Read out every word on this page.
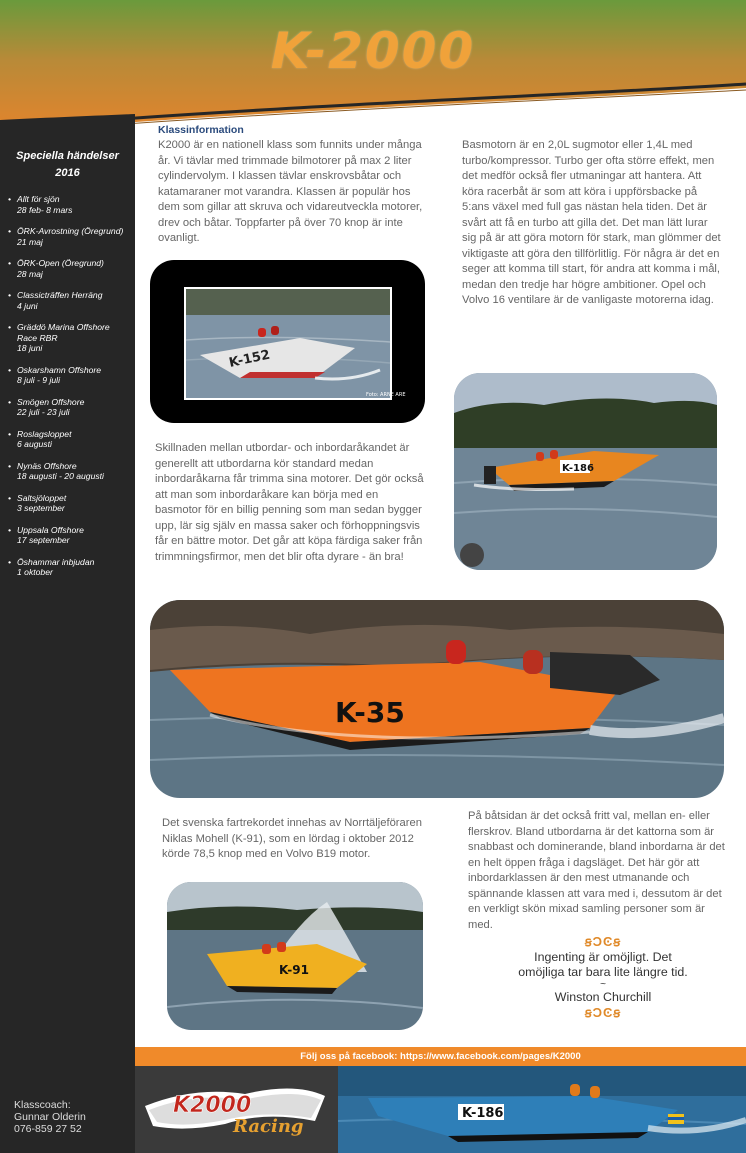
K-2000
Speciella händelser
2016
• Allt för sjön
28 feb- 8 mars
• ÖRK-Avrostning (Öregrund)
21 maj
• ÖRK-Open (Öregrund)
28 maj
• Classicträffen Herräng
4 juni
• Gräddö Marina Offshore Race RBR
18 juni
• Oskarshamn Offshore
8 juli - 9 juli
• Smögen Offshore
22 juli - 23 juli
• Roslagsloppet
6 augusti
• Nynäs Offshore
18 augusti - 20 augusti
• Saltsjöloppet
3 september
• Uppsala Offshore
17 september
• Öshammar inbjudan
1 oktober
Klasscoach:
Gunnar Olderin
076-859 27 52
Klassinformation
K2000 är en nationell klass som funnits under många år. Vi tävlar med trimmade bilmotorer på max 2 liter cylindervolym. I klassen tävlar enskrovsbåtar och katamaraner mot varandra. Klassen är populär hos dem som gillar att skruva och vidareutveckla motorer, drev och båtar. Toppfarter på över 70 knop är inte ovanligt.
Basmotorn är en 2,0L sugmotor eller 1,4L med turbo/kompressor. Turbo ger ofta större effekt, men det medför också fler utmaningar att hantera. Att köra racerbåt är som att köra i uppförsbacke på 5:ans växel med full gas nästan hela tiden. Det är svårt att få en turbo att gilla det. Det man lätt lurar sig på är att göra motorn för stark, man glömmer det viktigaste att göra den tillförlitlig. För några är det en seger att komma till start, för andra att komma i mål, medan den tredje har högre ambitioner. Opel och Volvo 16 ventilare är de vanligaste motorerna idag.
Skillnaden mellan utbordar- och inbordaråkandet är generellt att utbordarna kör standard medan inbordaråkarna får trimma sina motorer. Det gör också att man som inbordaråkare kan börja med en basmotor för en billig penning som man sedan bygger upp, lär sig själv en massa saker och förhoppningsvis får en bättre motor. Det går att köpa färdiga saker från trimmningsfirmor, men det blir ofta dyrare - än bra!
Det svenska fartrekordet innehas av Norrtäljeföraren Niklas Mohell (K-91), som en lördag i oktober 2012 körde 78,5 knop med en Volvo B19 motor.
På båtsidan är det också fritt val, mellan en- eller flerskrov. Bland utbordarna är det kattorna som är snabbast och dominerande, bland inbordarna är det en helt öppen fråga i dagsläget. Det här gör att inbordarklassen är den mest utmanande och spännande klassen att vara med i, dessutom är det en verkligt skön mixad samling personer som är med.
K-152
Foto: ARNE ARE
K-186
K-35
K-91
ꞩϽϾꞩ
Ingenting är omöjligt. Det
omöjliga tar bara lite längre tid.
~
Winston Churchill
ꞩϽϾꞩ
Följ oss på facebook: https://www.facebook.com/pages/K2000
K2000
Racing
K-186
